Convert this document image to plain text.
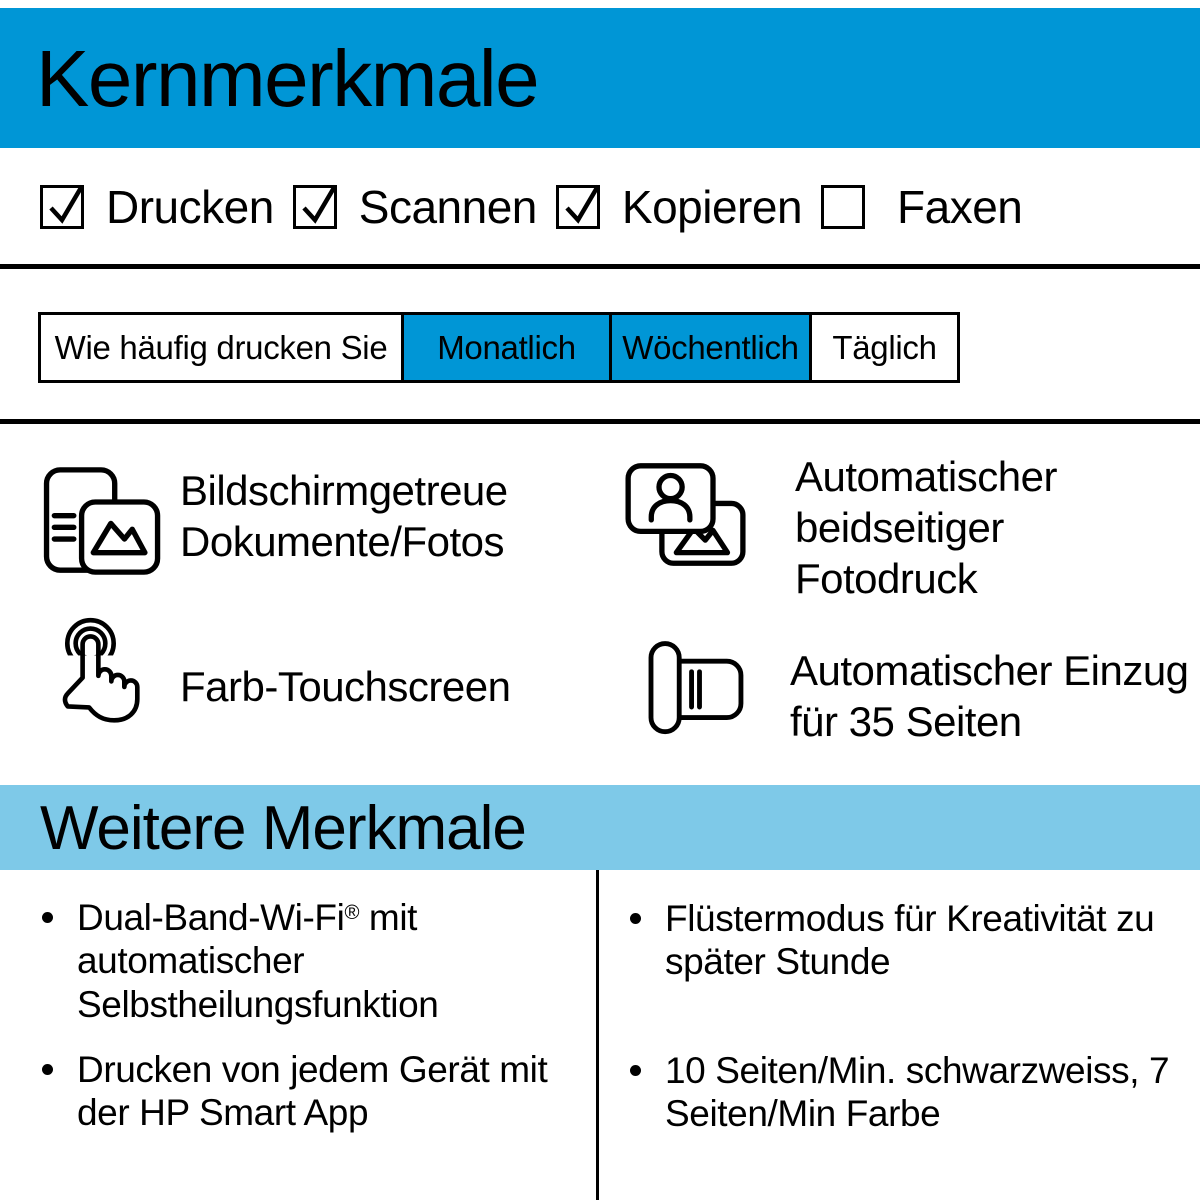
Kernmerkmale
Drucken Scannen Kopieren Faxen
Wie häufig drucken Sie	Monatlich	Wöchentlich	Täglich
Bildschirmgetreue Dokumente/Fotos
Automatischer beidseitiger Fotodruck
Farb-Touchscreen	Automatischer Einzug für 35 Seiten
Weitere Merkmale
Dual-Band-Wi-Fi® mit automatischer Selbstheilungsfunktion
Drucken von jedem Gerät mit der HP Smart App
Flüstermodus für Kreativität zu später Stunde
10 Seiten/Min. schwarzweiss, 7 Seiten/Min Farbe
